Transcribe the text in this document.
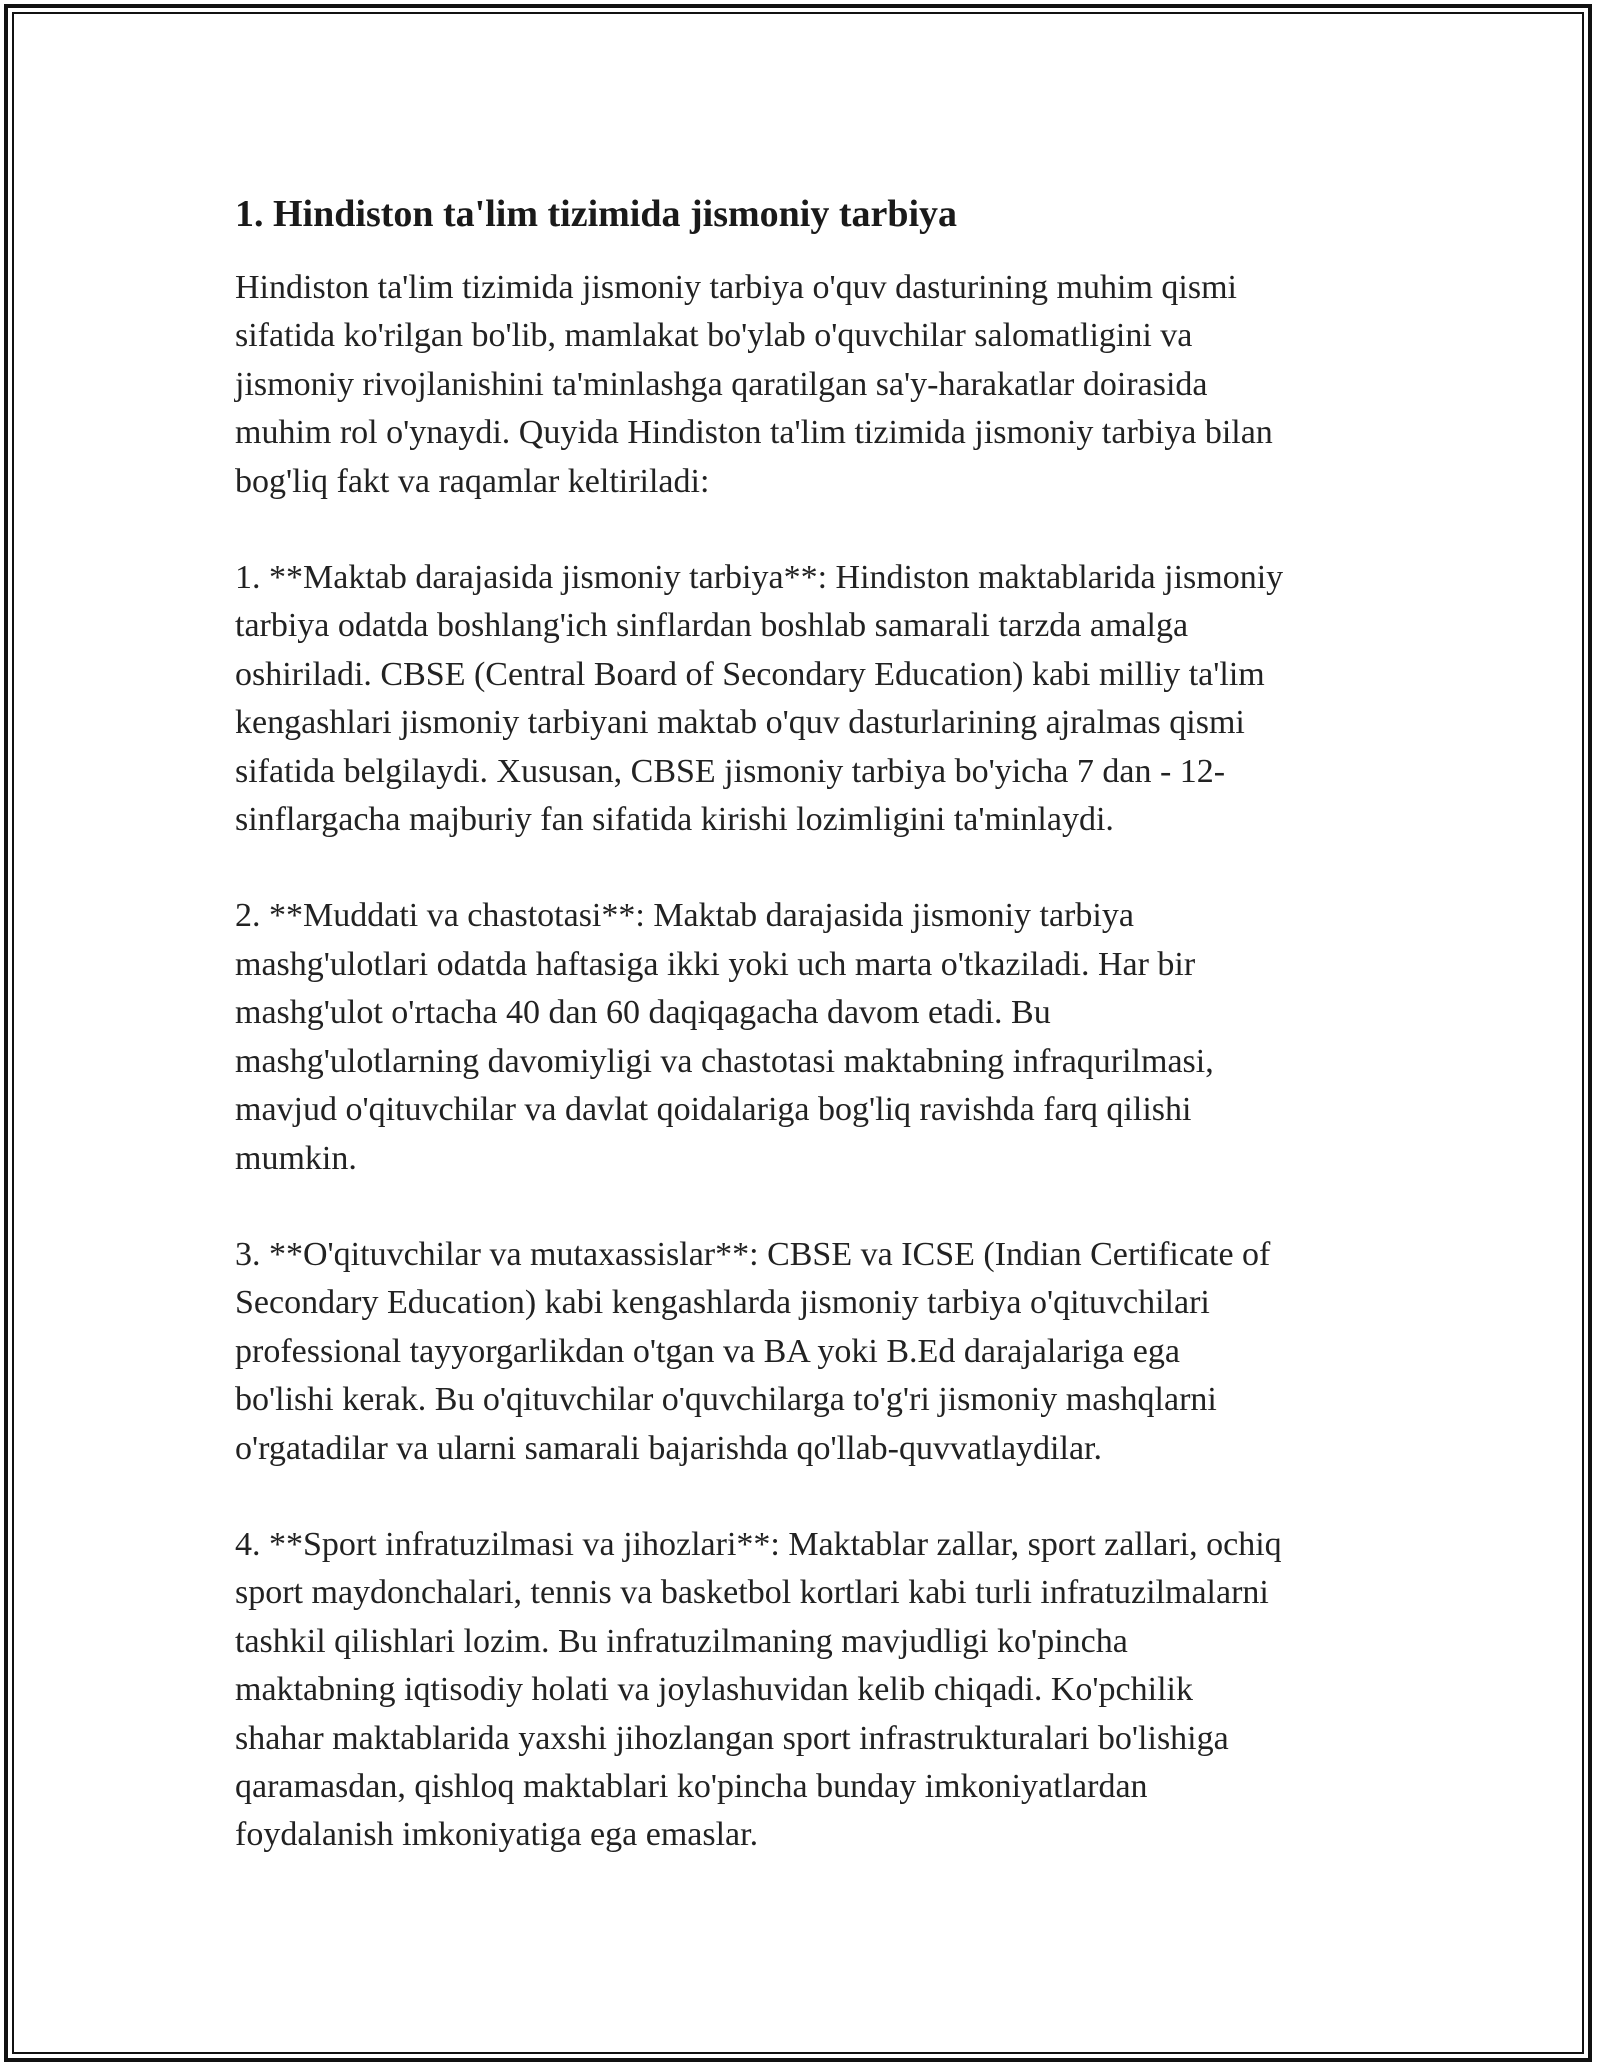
1. Hindiston ta'lim tizimida jismoniy tarbiya

Hindiston ta'lim tizimida jismoniy tarbiya o'quv dasturining muhim qismi
sifatida ko'rilgan bo'lib, mamlakat bo'ylab o'quvchilar salomatligini va
jismoniy rivojlanishini ta'minlashga qaratilgan sa'y-harakatlar doirasida
muhim rol o'ynaydi. Quyida Hindiston ta'lim tizimida jismoniy tarbiya bilan
bog'liq fakt va raqamlar keltiriladi:

1. **Maktab darajasida jismoniy tarbiya**: Hindiston maktablarida jismoniy
tarbiya odatda boshlang'ich sinflardan boshlab samarali tarzda amalga
oshiriladi. CBSE (Central Board of Secondary Education) kabi milliy ta'lim
kengashlari jismoniy tarbiyani maktab o'quv dasturlarining ajralmas qismi
sifatida belgilaydi. Xususan, CBSE jismoniy tarbiya bo'yicha 7 dan - 12-
sinflargacha majburiy fan sifatida kirishi lozimligini ta'minlaydi.

2. **Muddati va chastotasi**: Maktab darajasida jismoniy tarbiya
mashg'ulotlari odatda haftasiga ikki yoki uch marta o'tkaziladi. Har bir
mashg'ulot o'rtacha 40 dan 60 daqiqagacha davom etadi. Bu
mashg'ulotlarning davomiyligi va chastotasi maktabning infraqurilmasi,
mavjud o'qituvchilar va davlat qoidalariga bog'liq ravishda farq qilishi
mumkin.

3. **O'qituvchilar va mutaxassislar**: CBSE va ICSE (Indian Certificate of
Secondary Education) kabi kengashlarda jismoniy tarbiya o'qituvchilari
professional tayyorgarlikdan o'tgan va BA yoki B.Ed darajalariga ega
bo'lishi kerak. Bu o'qituvchilar o'quvchilarga to'g'ri jismoniy mashqlarni
o'rgatadilar va ularni samarali bajarishda qo'llab-quvvatlaydilar.

4. **Sport infratuzilmasi va jihozlari**: Maktablar zallar, sport zallari, ochiq
sport maydonchalari, tennis va basketbol kortlari kabi turli infratuzilmalarni
tashkil qilishlari lozim. Bu infratuzilmaning mavjudligi ko'pincha
maktabning iqtisodiy holati va joylashuvidan kelib chiqadi. Ko'pchilik
shahar maktablarida yaxshi jihozlangan sport infrastrukturalari bo'lishiga
qaramasdan, qishloq maktablari ko'pincha bunday imkoniyatlardan
foydalanish imkoniyatiga ega emaslar.
